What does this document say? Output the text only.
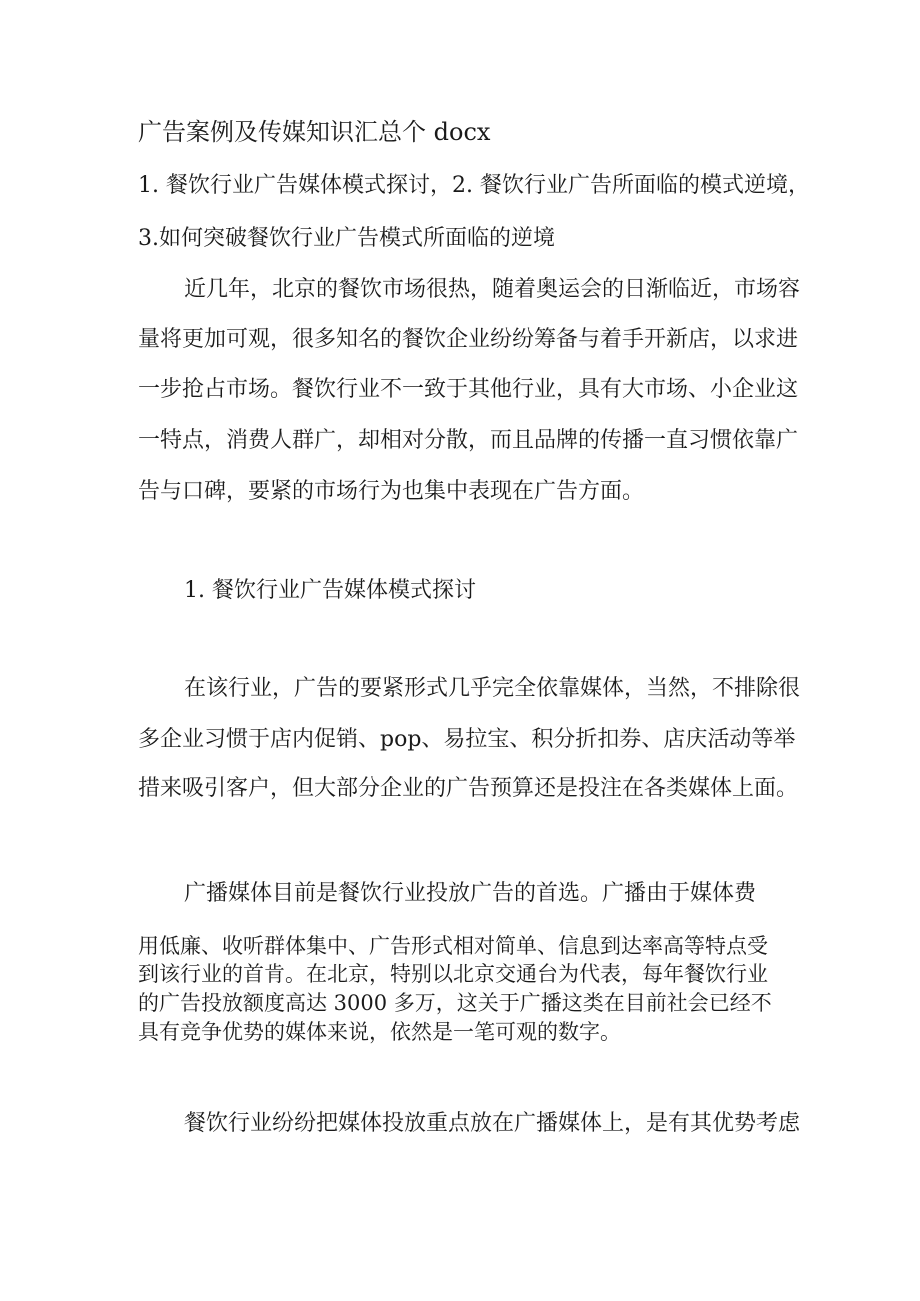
广告案例及传媒知识汇总个 docx
1. 餐饮行业广告媒体模式探讨，2. 餐饮行业广告所面临的模式逆境，
3.如何突破餐饮行业广告模式所面临的逆境
近几年，北京的餐饮市场很热，随着奥运会的日渐临近，市场容
量将更加可观，很多知名的餐饮企业纷纷筹备与着手开新店，以求进
一步抢占市场。餐饮行业不一致于其他行业，具有大市场、小企业这
一特点，消费人群广，却相对分散，而且品牌的传播一直习惯依靠广
告与口碑，要紧的市场行为也集中表现在广告方面。
1. 餐饮行业广告媒体模式探讨
在该行业，广告的要紧形式几乎完全依靠媒体，当然，不排除很
多企业习惯于店内促销、pop、易拉宝、积分折扣券、店庆活动等举
措来吸引客户，但大部分企业的广告预算还是投注在各类媒体上面。
广播媒体目前是餐饮行业投放广告的首选。广播由于媒体费
用低廉、收听群体集中、广告形式相对简单、信息到达率高等特点受
到该行业的首肯。在北京，特别以北京交通台为代表，每年餐饮行业
的广告投放额度高达 3000 多万，这关于广播这类在目前社会已经不
具有竞争优势的媒体来说，依然是一笔可观的数字。
餐饮行业纷纷把媒体投放重点放在广播媒体上，是有其优势考虑
